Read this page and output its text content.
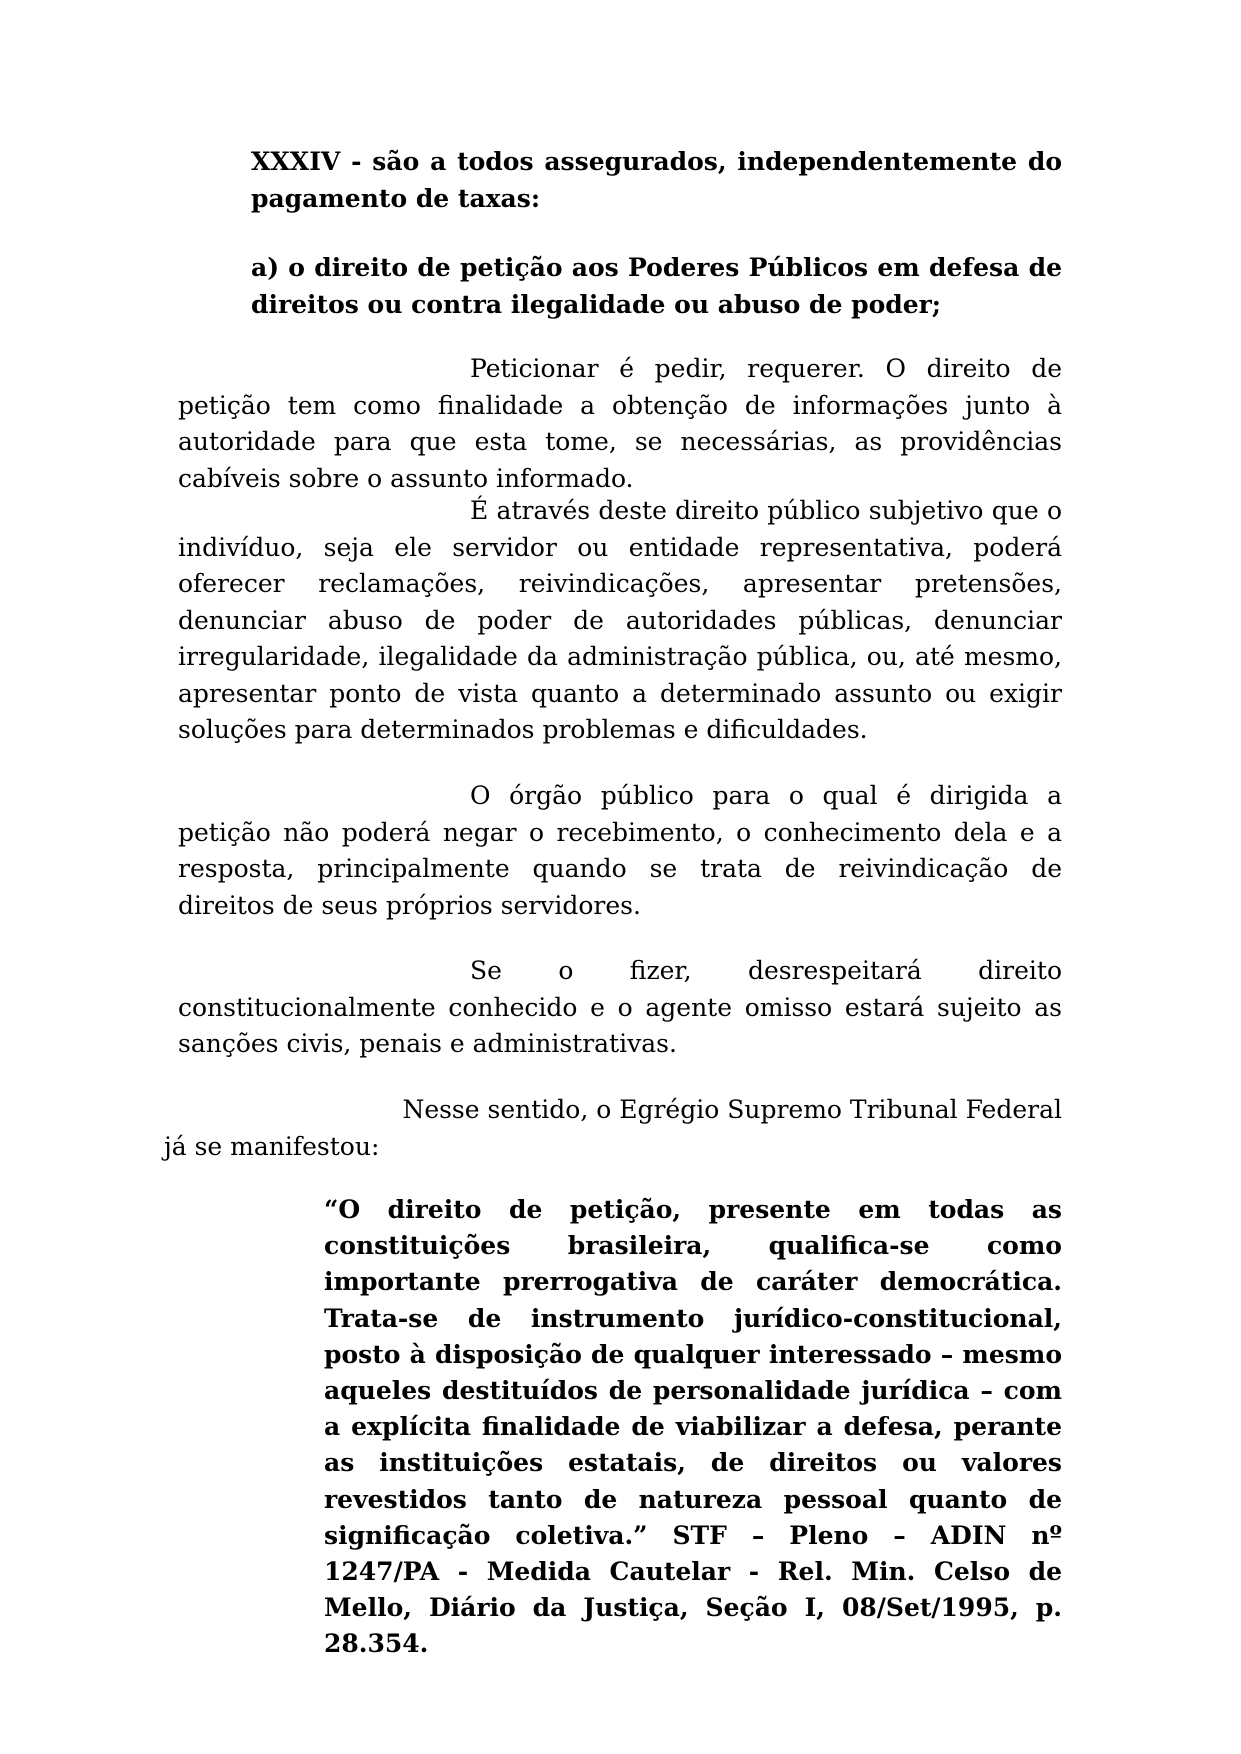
XXXIV - são a todos assegurados, independentemente do pagamento de taxas:

a) o direito de petição aos Poderes Públicos em defesa de direitos ou contra ilegalidade ou abuso de poder;

Peticionar é pedir, requerer. O direito de petição tem como finalidade a obtenção de informações junto à autoridade para que esta tome, se necessárias, as providências cabíveis sobre o assunto informado.

É através deste direito público subjetivo que o indivíduo, seja ele servidor ou entidade representativa, poderá oferecer reclamações, reivindicações, apresentar pretensões, denunciar abuso de poder de autoridades públicas, denunciar irregularidade, ilegalidade da administração pública, ou, até mesmo, apresentar ponto de vista quanto a determinado assunto ou exigir soluções para determinados problemas e dificuldades.

O órgão público para o qual é dirigida a petição não poderá negar o recebimento, o conhecimento dela e a resposta, principalmente quando se trata de reivindicação de direitos de seus próprios servidores.

Se o fizer, desrespeitará direito constitucionalmente conhecido e o agente omisso estará sujeito as sanções civis, penais e administrativas.

Nesse sentido, o Egrégio Supremo Tribunal Federal
já se manifestou:

“O direito de petição, presente em todas as constituições brasileira, qualifica-se como importante prerrogativa de caráter democrática. Trata-se de instrumento jurídico-constitucional, posto à disposição de qualquer interessado – mesmo aqueles destituídos de personalidade jurídica – com a explícita finalidade de viabilizar a defesa, perante as instituições estatais, de direitos ou valores revestidos tanto de natureza pessoal quanto de significação coletiva.” STF – Pleno – ADIN nº 1247/PA - Medida Cautelar - Rel. Min. Celso de Mello, Diário da Justiça, Seção I, 08/Set/1995, p. 28.354.
